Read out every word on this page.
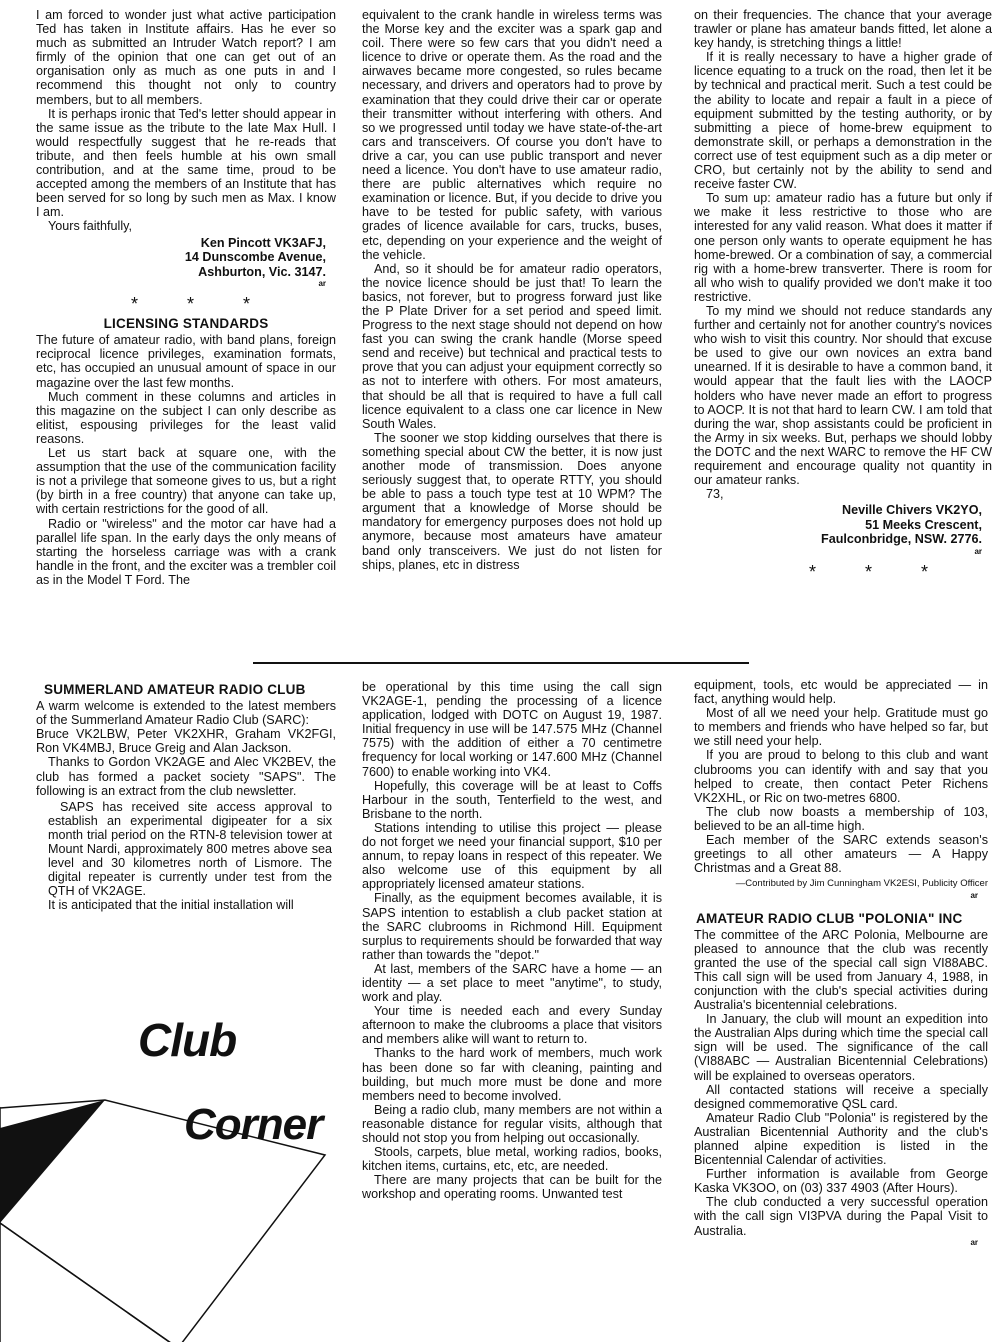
I am forced to wonder just what active participation Ted has taken in Institute affairs. Has he ever so much as submitted an Intruder Watch report? I am firmly of the opinion that one can get out of an organisation only as much as one puts in and I recommend this thought not only to country members, but to all members.

It is perhaps ironic that Ted's letter should appear in the same issue as the tribute to the late Max Hull. I would respectfully suggest that he re-reads that tribute, and then feels humble at his own small contribution, and at the same time, proud to be accepted among the members of an Institute that has been served for so long by such men as Max. I know I am.

Yours faithfully,

Ken Pincott VK3AFJ,
14 Dunscombe Avenue,
Ashburton, Vic. 3147.
ar
* * *
LICENSING STANDARDS

The future of amateur radio, with band plans, foreign reciprocal licence privileges, examination formats, etc, has occupied an unusual amount of space in our magazine over the last few months.

Much comment in these columns and articles in this magazine on the subject I can only describe as elitist, espousing privileges for the least valid reasons.

Let us start back at square one, with the assumption that the use of the communication facility is not a privilege that someone gives to us, but a right (by birth in a free country) that anyone can take up, with certain restrictions for the good of all.

Radio or "wireless" and the motor car have had a parallel life span. In the early days the only means of starting the horseless carriage was with a crank handle in the front, and the exciter was a trembler coil as in the Model T Ford. The

equivalent to the crank handle in wireless terms was the Morse key and the exciter was a spark gap and coil. There were so few cars that you didn't need a licence to drive or operate them. As the road and the airwaves became more congested, so rules became necessary, and drivers and operators had to prove by examination that they could drive their car or operate their transmitter without interfering with others. And so we progressed until today we have state-of-the-art cars and transceivers. Of course you don't have to drive a car, you can use public transport and never need a licence. You don't have to use amateur radio, there are public alternatives which require no examination or licence. But, if you decide to drive you have to be tested for public safety, with various grades of licence available for cars, trucks, buses, etc, depending on your experience and the weight of the vehicle.

And, so it should be for amateur radio operators, the novice licence should be just that! To learn the basics, not forever, but to progress forward just like the P Plate Driver for a set period and speed limit. Progress to the next stage should not depend on how fast you can swing the crank handle (Morse speed send and receive) but technical and practical tests to prove that you can adjust your equipment correctly so as not to interfere with others. For most amateurs, that should be all that is required to have a full call licence equivalent to a class one car licence in New South Wales.

The sooner we stop kidding ourselves that there is something special about CW the better, it is now just another mode of transmission. Does anyone seriously suggest that, to operate RTTY, you should be able to pass a touch type test at 10 WPM? The argument that a knowledge of Morse should be mandatory for emergency purposes does not hold up anymore, because most amateurs have amateur band only transceivers. We just do not listen for ships, planes, etc in distress

on their frequencies. The chance that your average trawler or plane has amateur bands fitted, let alone a key handy, is stretching things a little!

If it is really necessary to have a higher grade of licence equating to a truck on the road, then let it be by technical and practical merit. Such a test could be the ability to locate and repair a fault in a piece of equipment submitted by the testing authority, or by submitting a piece of home-brew equipment to demonstrate skill, or perhaps a demonstration in the correct use of test equipment such as a dip meter or CRO, but certainly not by the ability to send and receive faster CW.

To sum up: amateur radio has a future but only if we make it less restrictive to those who are interested for any valid reason. What does it matter if one person only wants to operate equipment he has home-brewed. Or a combination of say, a commercial rig with a home-brew transverter. There is room for all who wish to qualify provided we don't make it too restrictive.

To my mind we should not reduce standards any further and certainly not for another country's novices who wish to visit this country. Nor should that excuse be used to give our own novices an extra band unearned. If it is desirable to have a common band, it would appear that the fault lies with the LAOCP holders who have never made an effort to progress to AOCP. It is not that hard to learn CW. I am told that during the war, shop assistants could be proficient in the Army in six weeks. But, perhaps we should lobby the DOTC and the next WARC to remove the HF CW requirement and encourage quality not quantity in our amateur ranks.

73,

Neville Chivers VK2YO,
51 Meeks Crescent,
Faulconbridge, NSW. 2776.
ar
* * *
SUMMERLAND AMATEUR RADIO CLUB

A warm welcome is extended to the latest members of the Summerland Amateur Radio Club (SARC):

Bruce VK2LBW, Peter VK2XHR, Graham VK2FGI, Ron VK4MBJ, Bruce Greig and Alan Jackson.

Thanks to Gordon VK2AGE and Alec VK2BEV, the club has formed a packet society "SAPS". The following is an extract from the club newsletter.

SAPS has received site access approval to establish an experimental digipeater for a six month trial period on the RTN-8 television tower at Mount Nardi, approximately 800 metres above sea level and 30 kilometres north of Lismore. The digital repeater is currently under test from the QTH of VK2AGE.

It is anticipated that the initial installation will

Club
Corner

be operational by this time using the call sign VK2AGE-1, pending the processing of a licence application, lodged with DOTC on August 19, 1987. Initial frequency in use will be 147.575 MHz (Channel 7575) with the addition of either a 70 centimetre frequency for local working or 147.600 MHz (Channel 7600) to enable working into VK4.

Hopefully, this coverage will be at least to Coffs Harbour in the south, Tenterfield to the west, and Brisbane to the north.

Stations intending to utilise this project — please do not forget we need your financial support, $10 per annum, to repay loans in respect of this repeater. We also welcome use of this equipment by all appropriately licensed amateur stations.

Finally, as the equipment becomes available, it is SAPS intention to establish a club packet station at the SARC clubrooms in Richmond Hill. Equipment surplus to requirements should be forwarded that way rather than towards the "depot."

At last, members of the SARC have a home — an identity — a set place to meet "anytime", to study, work and play.

Your time is needed each and every Sunday afternoon to make the clubrooms a place that visitors and members alike will want to return to.

Thanks to the hard work of members, much work has been done so far with cleaning, painting and building, but much more must be done and more members need to become involved.

Being a radio club, many members are not within a reasonable distance for regular visits, although that should not stop you from helping out occasionally.

Stools, carpets, blue metal, working radios, books, kitchen items, curtains, etc, etc, are needed.

There are many projects that can be built for the workshop and operating rooms. Unwanted test

equipment, tools, etc would be appreciated — in fact, anything would help.

Most of all we need your help. Gratitude must go to members and friends who have helped so far, but we still need your help.

If you are proud to belong to this club and want clubrooms you can identify with and say that you helped to create, then contact Peter Richens VK2XHL, or Ric on two-metres 6800.

The club now boasts a membership of 103, believed to be an all-time high.

Each member of the SARC extends season's greetings to all other amateurs — A Happy Christmas and a Great 88.

—Contributed by Jim Cunningham VK2ESI, Publicity Officer

ar
AMATEUR RADIO CLUB "POLONIA" INC

The committee of the ARC Polonia, Melbourne are pleased to announce that the club was recently granted the use of the special call sign VI88ABC. This call sign will be used from January 4, 1988, in conjunction with the club's special activities during Australia's bicentennial celebrations.

In January, the club will mount an expedition into the Australian Alps during which time the special call sign will be used. The significance of the call (VI88ABC — Australian Bicentennial Celebrations) will be explained to overseas operators.

All contacted stations will receive a specially designed commemorative QSL card.

Amateur Radio Club "Polonia" is registered by the Australian Bicentennial Authority and the club's planned alpine expedition is listed in the Bicentennial Calendar of activities.

Further information is available from George Kaska VK3OO, on (03) 337 4903 (After Hours).

The club conducted a very successful operation with the call sign VI3PVA during the Papal Visit to Australia.

ar
